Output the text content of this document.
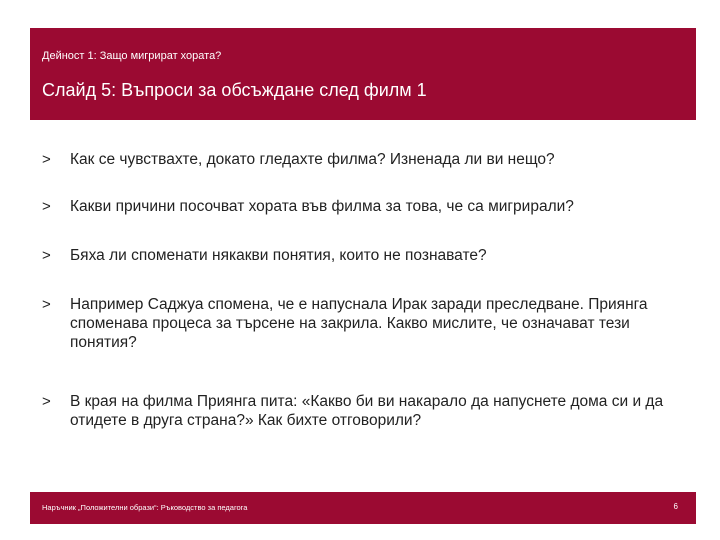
Дейност 1: Защо мигрират хората?
Слайд 5: Въпроси за обсъждане след филм 1
>	Как се чувствахте, докато гледахте филма? Изненада ли ви нещо?
>	Какви причини посочват хората във филма за това, че са мигрирали?
>	Бяха ли споменати някакви понятия, които не познавате?
>	Например Саджуа спомена, че е напуснала Ирак заради преследване. Приянга споменава процеса за търсене на закрила. Какво мислите, че означават тези понятия?
>	В края на филма Приянга пита: «Какво би ви накарало да напуснете дома си и да отидете в друга страна?» Как бихте отговорили?
Наръчник „Положителни образи“: Ръководство за педагога	6
